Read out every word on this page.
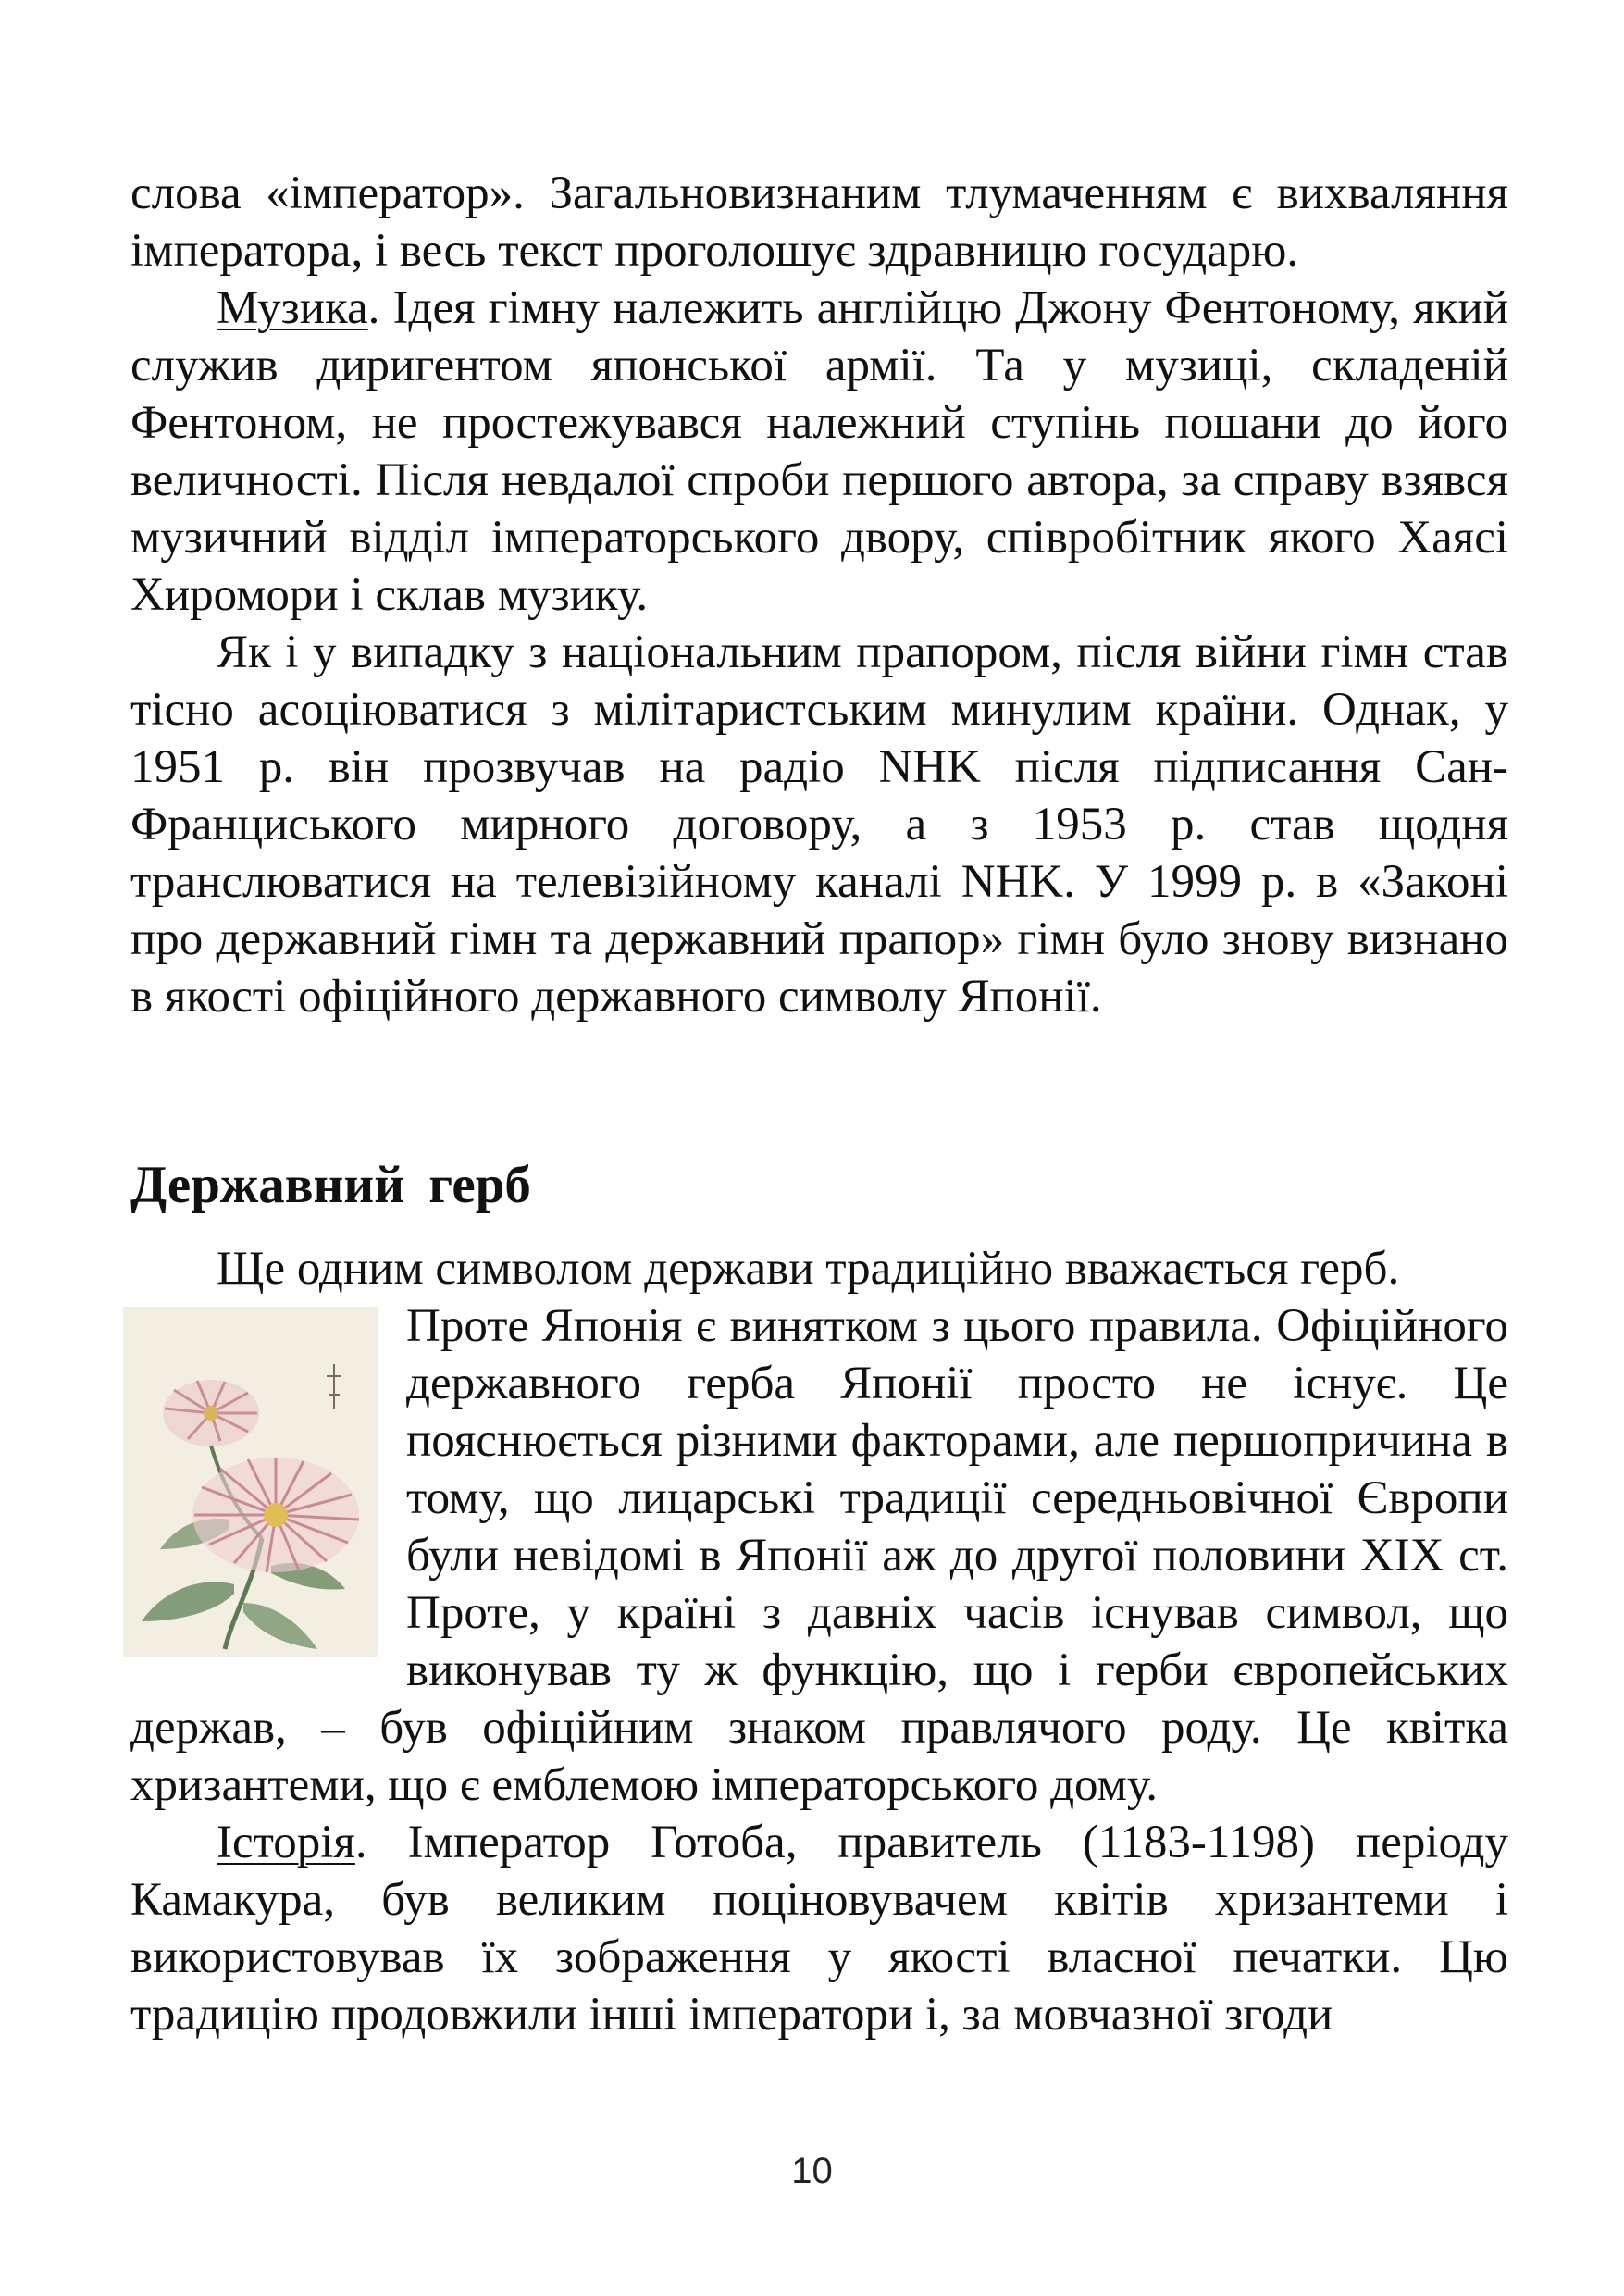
слова «імператор». Загальновизнаним тлумаченням є вихваляння імператора, і весь текст проголошує здравницю государю.

Музика. Ідея гімну належить англійцю Джону Фентоному, який служив диригентом японської армії. Та у музиці, складеній Фентоном, не простежувався належний ступінь пошани до його величності. Після невдалої спроби першого автора, за справу взявся музичний відділ імператорського двору, співробітник якого Хаясі Хиромори і склав музику.

Як і у випадку з національним прапором, після війни гімн став тісно асоціюватися з мілітаристським минулим країни. Однак, у 1951 р. він прозвучав на радіо NHK після підписання Сан-Франциського мирного договору, а з 1953 р. став щодня транслюватися на телевізійному каналі NHK. У 1999 р. в «Законі про державний гімн та державний прапор» гімн було знову визнано в якості офіційного державного символу Японії.

Державний герб

Ще одним символом держави традиційно вважається герб.

Проте Японія є винятком з цього правила. Офіційного державного герба Японії просто не існує. Це пояснюється різними факторами, але першопричина в тому, що лицарські традиції середньовічної Європи були невідомі в Японії аж до другої половини XIX ст. Проте, у країні з давніх часів існував символ, що виконував ту ж функцію, що і герби європейських держав, – був офіційним знаком правлячого роду. Це квітка хризантеми, що є емблемою імператорського дому.

Історія. Імператор Готоба, правитель (1183-1198) періоду Камакура, був великим поціновувачем квітів хризантеми і використовував їх зображення у якості власної печатки. Цю традицію продовжили інші імператори і, за мовчазної згоди

10
